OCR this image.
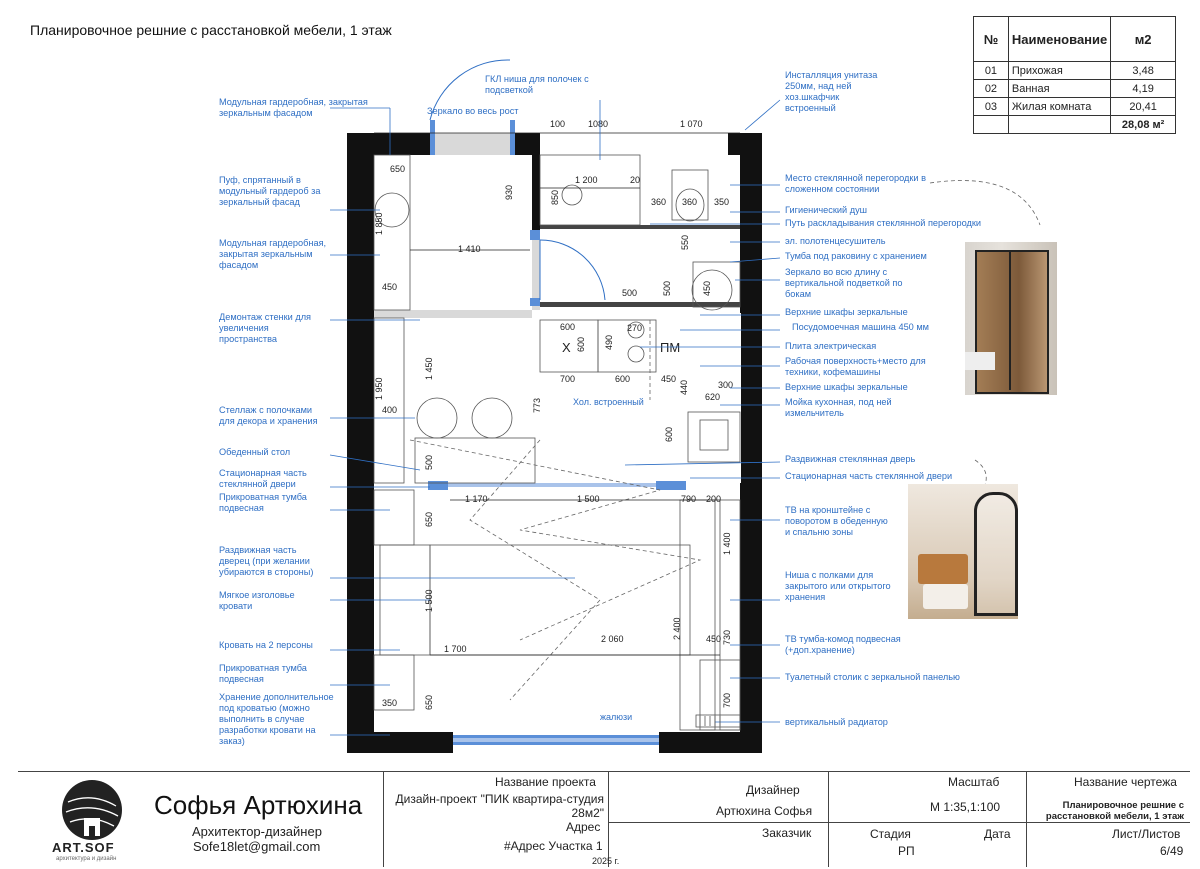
Планировочное решние с расстановкой мебели, 1 этаж
№	Наименование	м2
01	Прихожая	3,48
02	Ванная	4,19
03	Жилая комната	20,41
		28,08 м²
100	1080	1 070
650
1 850
450
930
1 200	20
850	360 360 350
550
1 410
500	500	450
600	270
600 490
X	ПМ
700	600	450
440	300
620
1 950
400
1 450
773
600
500
1 170	1 500	790 200
650
1 400
1 500
2 400
1 700
2 060	450 730
350	650	700
жалюзи
Хол. встроенный
ГКЛ ниша для полочек с подсветкой
Зеркало во весь рост
Инсталляция унитаза 250мм, над ней хоз.шкафчик встроенный
Модульная гардеробная, закрытая зеркальным фасадом
Пуф, спрятанный в модульный гардероб за зеркальный фасад
Модульная гардеробная, закрытая зеркальным фасадом
Демонтаж стенки для увеличения пространства
Стеллаж с полочками для декора и хранения
Обеденный стол
Стационарная часть стеклянной двери
Прикроватная тумба подвесная
Раздвижная часть дверец (при желании убираются в стороны)
Мягкое изголовье кровати
Кровать на 2 персоны
Прикроватная тумба подвесная
Хранение дополнительное под кроватью (можно выполнить в случае разработки кровати на заказ)
Место стеклянной перегородки в сложенном состоянии
Гигиенический душ
Путь раскладывания стеклянной перегородки
эл. полотенцесушитель
Тумба под раковину с хранением
Зеркало во всю длину с вертикальной подветкой по бокам
Верхние шкафы зеркальные
Посудомоечная машина 450 мм
Плита электрическая
Рабочая поверхность+место для техники, кофемашины
Верхние шкафы зеркальные
Мойка кухонная, под ней измельчитель
Раздвижная стеклянная дверь
Стационарная часть стеклянной двери
ТВ на кронштейне с поворотом в обеденную и спальню зоны
Ниша с полками для закрытого или открытого хранения
ТВ тумба-комод подвесная (+доп.хранение)
Туалетный столик с зеркальной панелью
вертикальный радиатор
ART.SOF
архитектура и дизайн
Софья Артюхина
Архитектор-дизайнер
Sofe18let@gmail.com
Название проекта
Дизайн-проект "ПИК квартира-студия 28м2"
Адрес
#Адрес Участка 1
2025 г.
Дизайнер
Артюхина Софья
Заказчик
Масштаб
М 1:35,1:100
Стадия
РП
Дата
Название чертежа
Планировочное решние с расстановкой мебели, 1 этаж
Лист/Листов
6/49
